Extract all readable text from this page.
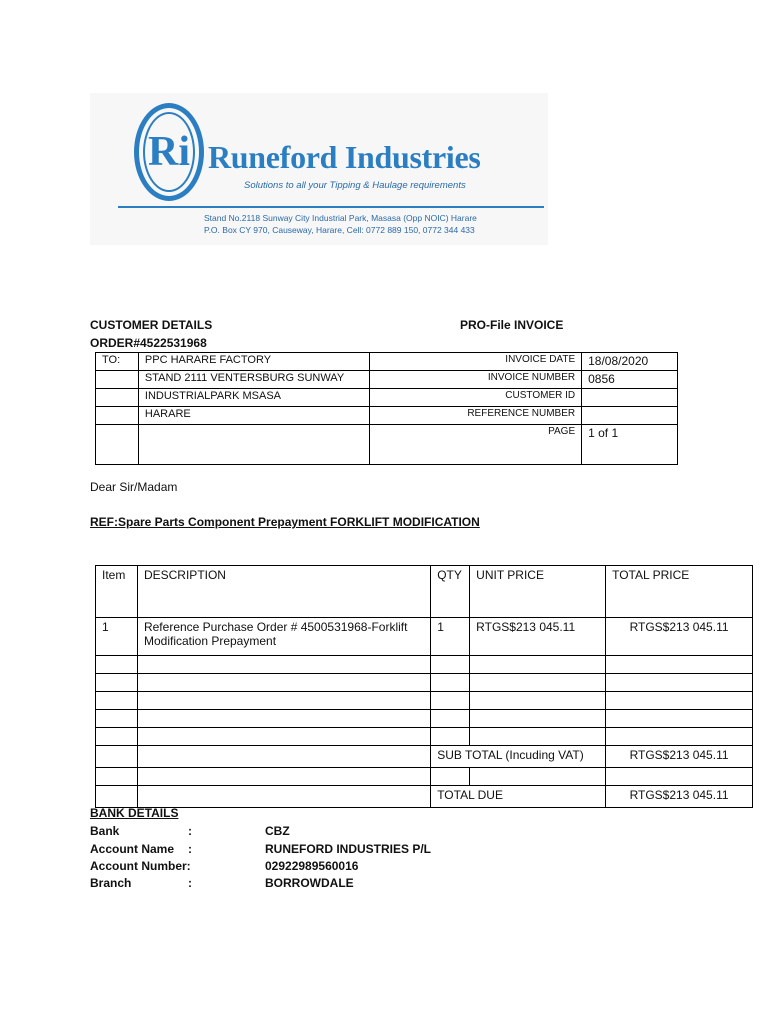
Ri Runeford Industries
Solutions to all your Tipping & Haulage requirements
Stand No.2118 Sunway City Industrial Park, Masasa (Opp NOIC) Harare
P.O. Box CY 970, Causeway, Harare, Cell: 0772 889 150, 0772 344 433
CUSTOMER DETAILS
ORDER#4522531968
PRO-File INVOICE
TO:	PPC HARARE FACTORY	INVOICE DATE	18/08/2020
	STAND 2111 VENTERSBURG SUNWAY	INVOICE NUMBER	0856
	INDUSTRIALPARK MSASA	CUSTOMER ID	
	HARARE	REFERENCE NUMBER	
		PAGE	1 of 1
Dear Sir/Madam
REF:Spare Parts Component Prepayment FORKLIFT MODIFICATION
Item	DESCRIPTION	QTY	UNIT PRICE	TOTAL PRICE
1	Reference Purchase Order # 4500531968-Forklift Modification Prepayment	1	RTGS$213 045.11	RTGS$213 045.11

		SUB TOTAL (Incuding VAT)		RTGS$213 045.11

		TOTAL DUE		RTGS$213 045.11
BANK DETAILS
Bank	:	CBZ
Account Name :	RUNEFORD INDUSTRIES P/L
Account Number:	02922989560016
Branch	:	BORROWDALE
